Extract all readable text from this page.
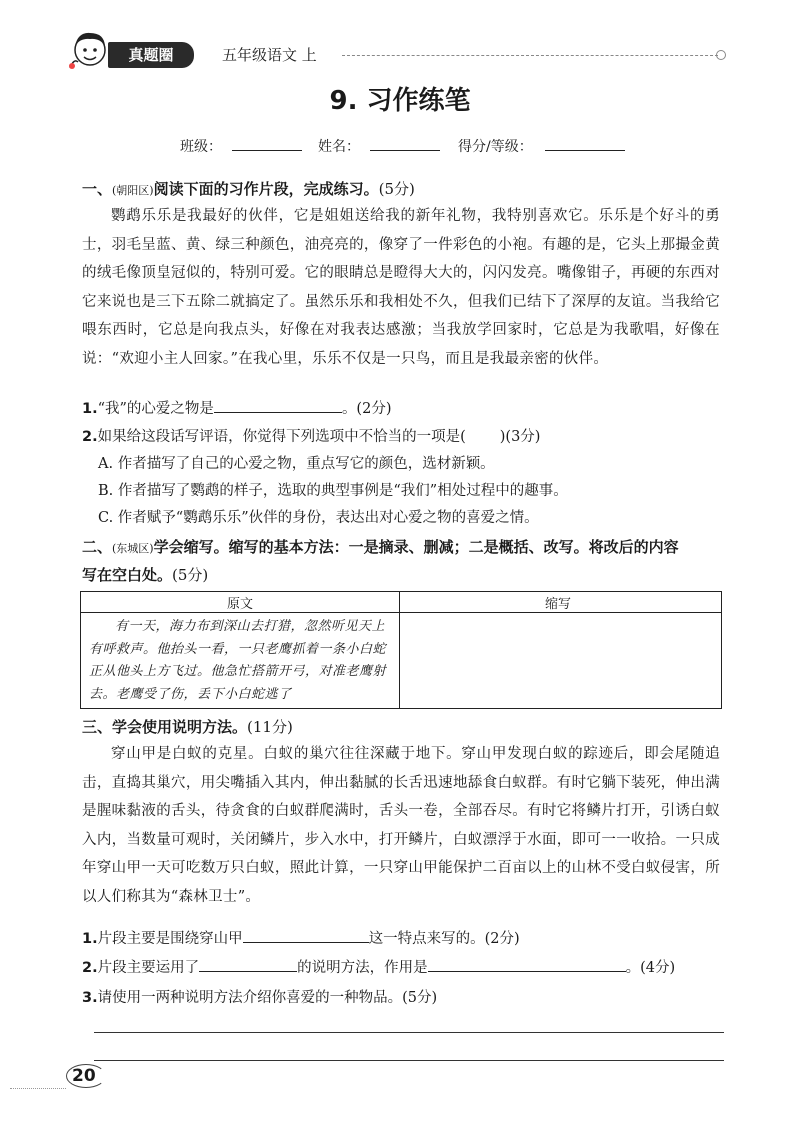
真题圈	五年级语文 上
9. 习作练笔
班级：	姓名：	得分/等级：
一、(朝阳区)阅读下面的习作片段，完成练习。(5分)
鹦鹉乐乐是我最好的伙伴，它是姐姐送给我的新年礼物，我特别喜欢它。乐乐是个好斗的勇士，羽毛呈蓝、黄、绿三种颜色，油亮亮的，像穿了一件彩色的小袍。有趣的是，它头上那撮金黄的绒毛像顶皇冠似的，特别可爱。它的眼睛总是瞪得大大的，闪闪发亮。嘴像钳子，再硬的东西对它来说也是三下五除二就搞定了。虽然乐乐和我相处不久，但我们已结下了深厚的友谊。当我给它喂东西时，它总是向我点头，好像在对我表达感激；当我放学回家时，它总是为我歌唱，好像在说：“欢迎小主人回家。”在我心里，乐乐不仅是一只鸟，而且是我最亲密的伙伴。
1.“我”的心爱之物是	。(2分)
2.如果给这段话写评语，你觉得下列选项中不恰当的一项是( )(3分)
A. 作者描写了自己的心爱之物，重点写它的颜色，选材新颖。
B. 作者描写了鹦鹉的样子，选取的典型事例是“我们”相处过程中的趣事。
C. 作者赋予“鹦鹉乐乐”伙伴的身份，表达出对心爱之物的喜爱之情。
二、(东城区)学会缩写。缩写的基本方法：一是摘录、删减；二是概括、改写。将改后的内容
写在空白处。(5分)
原文	缩写
有一天，海力布到深山去打猎，忽然听见天上有呼救声。他抬头一看，一只老鹰抓着一条小白蛇正从他头上方飞过。他急忙搭箭开弓，对准老鹰射去。老鹰受了伤，丢下小白蛇逃了
三、学会使用说明方法。(11分)
穿山甲是白蚁的克星。白蚁的巢穴往往深藏于地下。穿山甲发现白蚁的踪迹后，即会尾随追击，直捣其巢穴，用尖嘴插入其内，伸出黏腻的长舌迅速地舔食白蚁群。有时它躺下装死，伸出满是腥味黏液的舌头，待贪食的白蚁群爬满时，舌头一卷，全部吞尽。有时它将鳞片打开，引诱白蚁入内，当数量可观时，关闭鳞片，步入水中，打开鳞片，白蚁漂浮于水面，即可一一收拾。一只成年穿山甲一天可吃数万只白蚁，照此计算，一只穿山甲能保护二百亩以上的山林不受白蚁侵害，所以人们称其为“森林卫士”。
1.片段主要是围绕穿山甲	这一特点来写的。(2分)
2.片段主要运用了	的说明方法，作用是	。(4分)
3.请使用一两种说明方法介绍你喜爱的一种物品。(5分)
20
